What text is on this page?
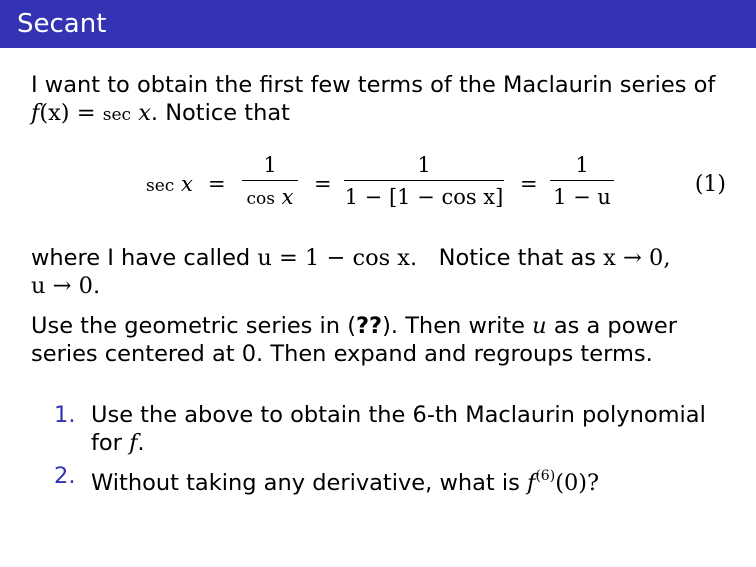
Secant
I want to obtain the first few terms of the Maclaurin series of
f(x) = sec x. Notice that
sec x =
1
cos x
=
1
1 − [1 − cos x]
=
1
1 − u	(1)
where I have called u = 1 − cos x. Notice that as x → 0,
u → 0.
Use the geometric series in (??). Then write u as a power
series centered at 0. Then expand and regroups terms.
1. Use the above to obtain the 6-th Maclaurin polynomial
for f.
2. Without taking any derivative, what is $f^{(6)}(0)$?
